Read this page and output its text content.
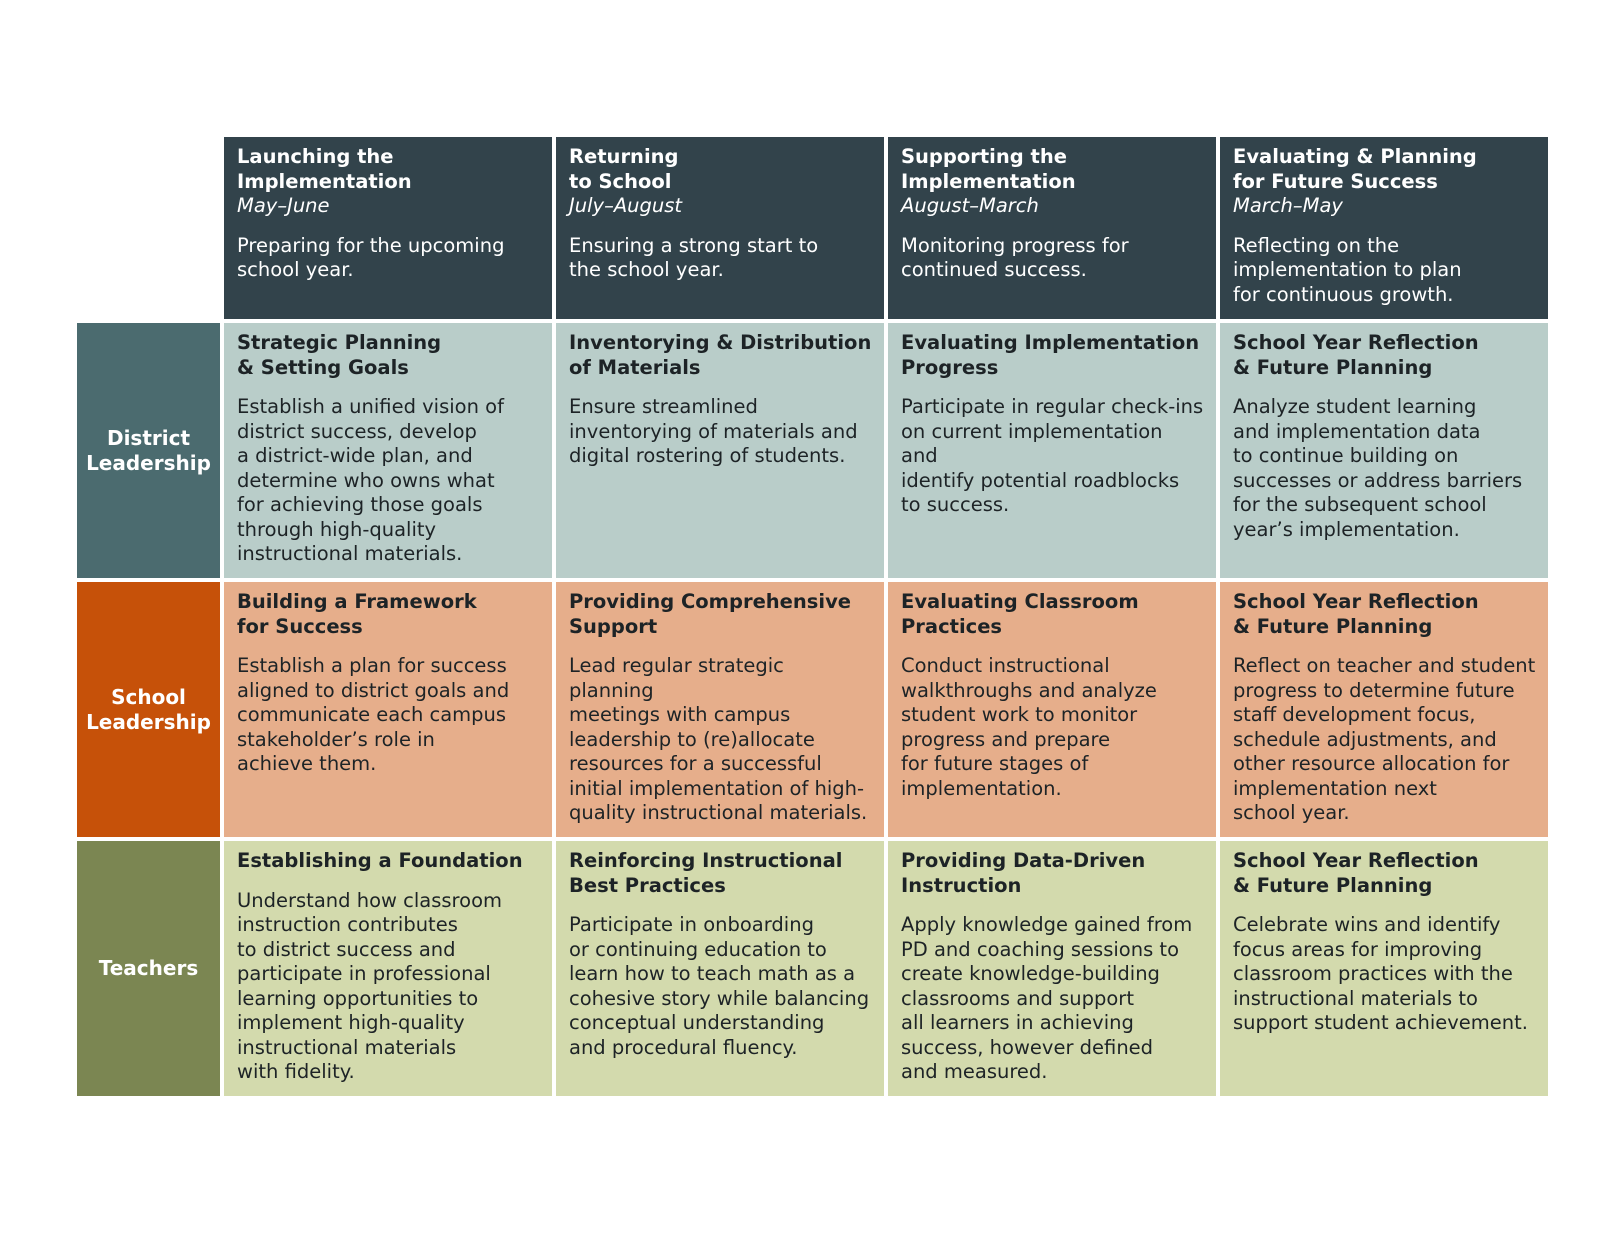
Launching the
Implementation
May–June
Preparing for the upcoming
school year.
Returning
to School
July–August
Ensuring a strong start to
the school year.
Supporting the
Implementation
August–March
Monitoring progress for
continued success.
Evaluating & Planning
for Future Success
March–May
Reflecting on the
implementation to plan
for continuous growth.
District Leadership
Strategic Planning
& Setting Goals
Establish a unified vision of
district success, develop
a district-wide plan, and
determine who owns what
for achieving those goals
through high-quality
instructional materials.
Inventorying & Distribution
of Materials
Ensure streamlined
inventorying of materials and
digital rostering of students.
Evaluating Implementation
Progress
Participate in regular check-ins
on current implementation and
identify potential roadblocks
to success.
School Year Reflection
& Future Planning
Analyze student learning
and implementation data
to continue building on
successes or address barriers
for the subsequent school
year’s implementation.
School Leadership
Building a Framework
for Success
Establish a plan for success
aligned to district goals and
communicate each campus
stakeholder’s role in
achieve them.
Providing Comprehensive
Support
Lead regular strategic planning
meetings with campus
leadership to (re)allocate
resources for a successful
initial implementation of high-
quality instructional materials.
Evaluating Classroom
Practices
Conduct instructional
walkthroughs and analyze
student work to monitor
progress and prepare
for future stages of
implementation.
School Year Reflection
& Future Planning
Reflect on teacher and student
progress to determine future
staff development focus,
schedule adjustments, and
other resource allocation for
implementation next
school year.
Teachers
Establishing a Foundation
Understand how classroom
instruction contributes
to district success and
participate in professional
learning opportunities to
implement high-quality
instructional materials
with fidelity.
Reinforcing Instructional
Best Practices
Participate in onboarding
or continuing education to
learn how to teach math as a
cohesive story while balancing
conceptual understanding
and procedural fluency.
Providing Data-Driven
Instruction
Apply knowledge gained from
PD and coaching sessions to
create knowledge-building
classrooms and support
all learners in achieving
success, however defined
and measured.
School Year Reflection
& Future Planning
Celebrate wins and identify
focus areas for improving
classroom practices with the
instructional materials to
support student achievement.
